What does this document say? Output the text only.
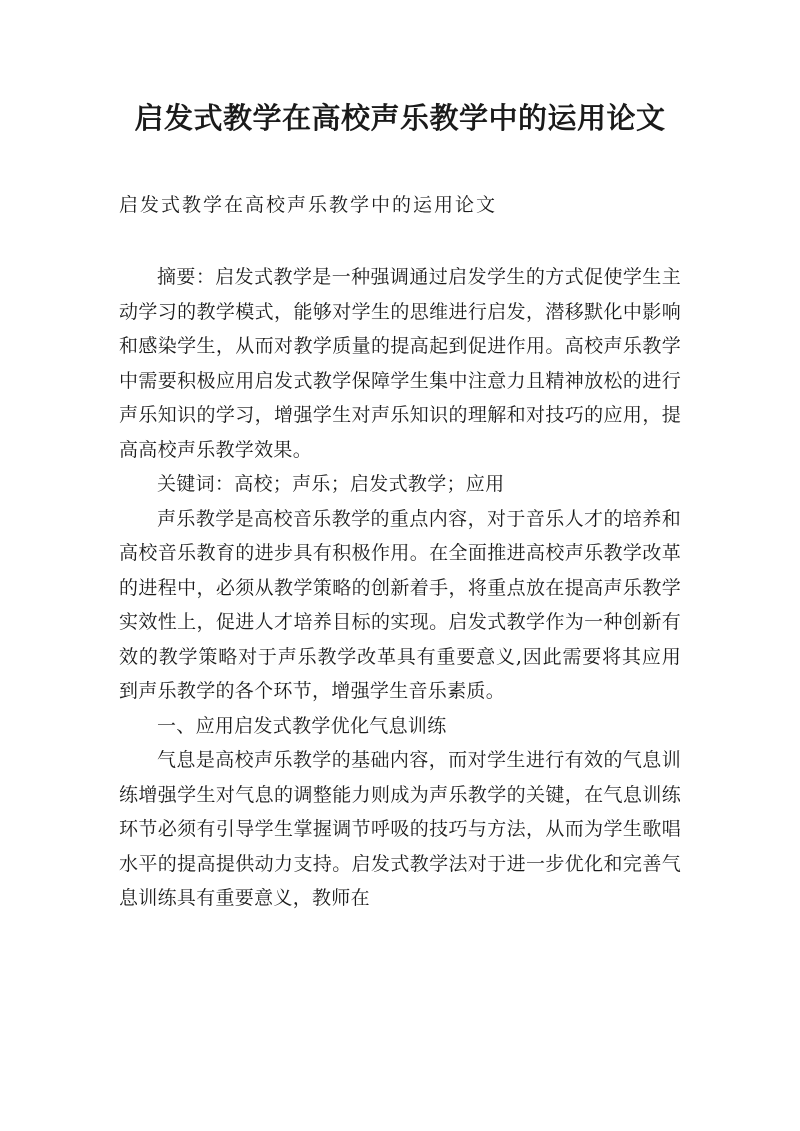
启发式教学在高校声乐教学中的运用论文

启发式教学在高校声乐教学中的运用论文

摘要：启发式教学是一种强调通过启发学生的方式促使学生主动学习的教学模式，能够对学生的思维进行启发，潜移默化中影响和感染学生，从而对教学质量的提高起到促进作用。高校声乐教学中需要积极应用启发式教学保障学生集中注意力且精神放松的进行声乐知识的学习，增强学生对声乐知识的理解和对技巧的应用，提高高校声乐教学效果。

关键词：高校；声乐；启发式教学；应用

声乐教学是高校音乐教学的重点内容，对于音乐人才的培养和高校音乐教育的进步具有积极作用。在全面推进高校声乐教学改革的进程中，必须从教学策略的创新着手，将重点放在提高声乐教学实效性上，促进人才培养目标的实现。启发式教学作为一种创新有效的教学策略对于声乐教学改革具有重要意义,因此需要将其应用到声乐教学的各个环节，增强学生音乐素质。

一、应用启发式教学优化气息训练

气息是高校声乐教学的基础内容，而对学生进行有效的气息训练增强学生对气息的调整能力则成为声乐教学的关键，在气息训练环节必须有引导学生掌握调节呼吸的技巧与方法，从而为学生歌唱水平的提高提供动力支持。启发式教学法对于进一步优化和完善气息训练具有重要意义，教师在
